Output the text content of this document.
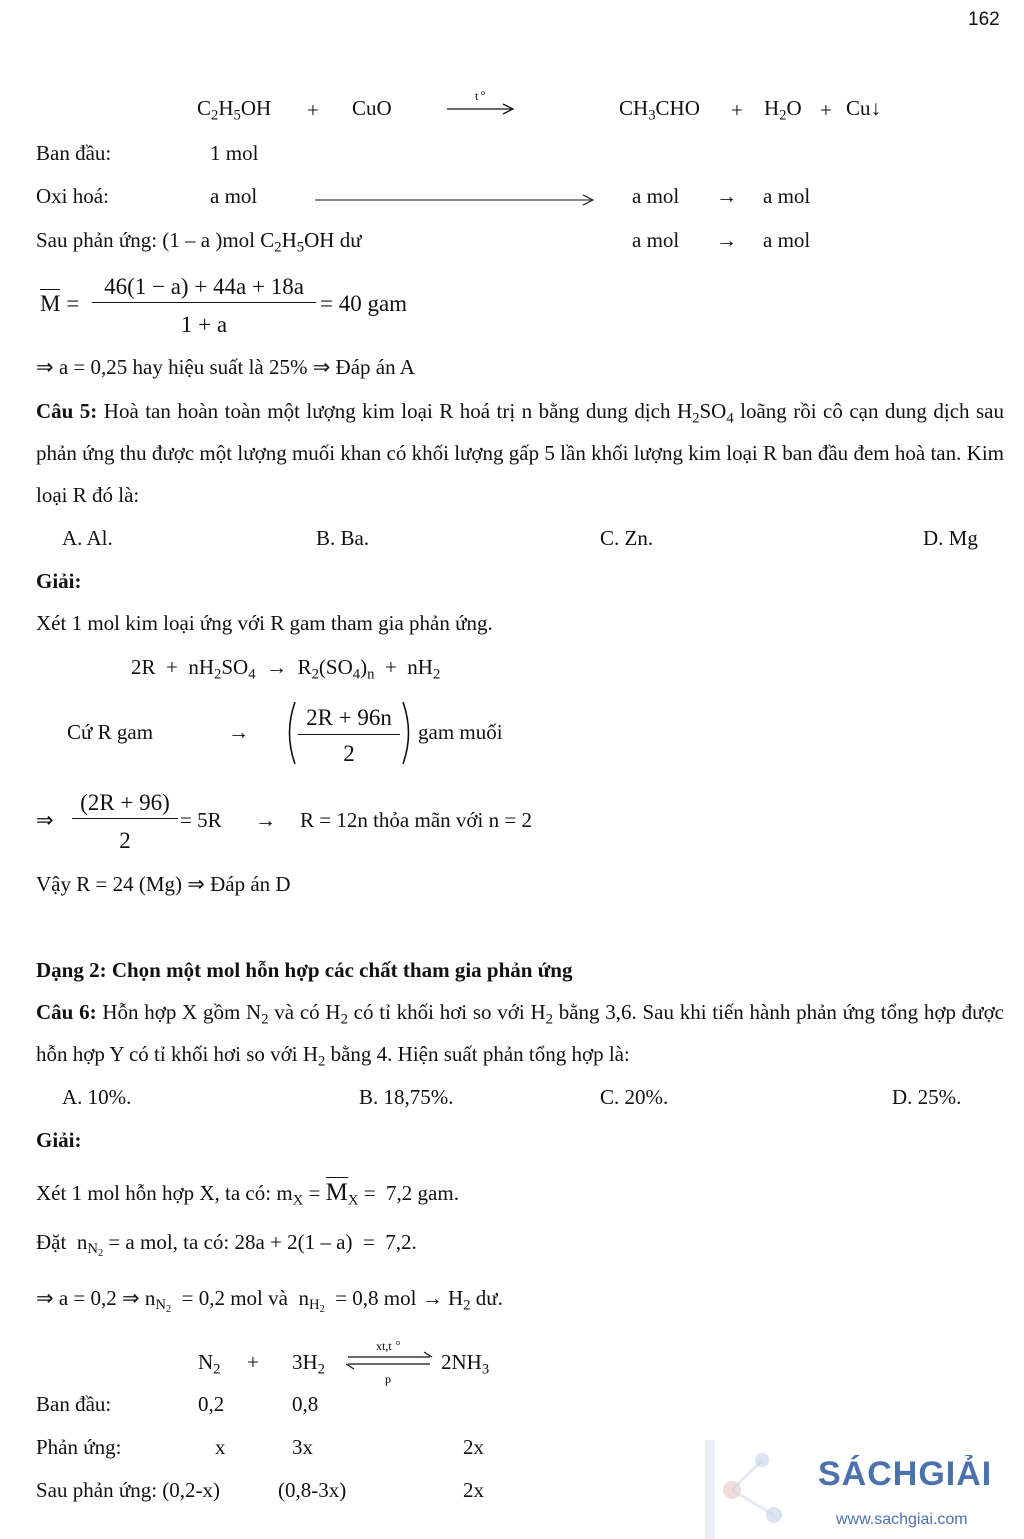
162
$C_2H_5OH$ + CuO	t o
$CH_3CHO + H_2O$ + Cu↓
Ban đầu:	1 mol
Oxi hoá:	a mol	a mol → a mol
Sau phản ứng: (1 – a )mol $C_2H_5OH$ dư	a mol → a mol
M =
46(1 − a) + 44a + 18a
1 + a
= 40 gam
⇒ a = 0,25 hay hiệu suất là 25% ⇒ Đáp án A
Câu 5: Hoà tan hoàn toàn một lượng kim loại R hoá trị n bằng dung dịch $H_2SO_4$ loãng rồi cô cạn dung dịch sau phản ứng thu được một lượng muối khan có khối lượng gấp 5 lần khối lượng kim loại R ban đầu đem hoà tan. Kim loại R đó là:
A. Al.	B. Ba.	C. Zn.	D. Mg
Giải:
Xét 1 mol kim loại ứng với R gam tham gia phản ứng.
$2R + nH_2SO_4 \to R_2(SO_4)_n + nH_2$
Cứ R gam	→
2R + 96n
2
gam muối
⇒
(2R + 96)
2
= 5R → R = 12n thỏa mãn với n = 2
Vậy R = 24 (Mg) ⇒ Đáp án D
Dạng 2: Chọn một mol hỗn hợp các chất tham gia phản ứng
Câu 6: Hỗn hợp X gồm $N_2$ và có $H_2$ có tỉ khối hơi so với $H_2$ bằng 3,6. Sau khi tiến hành phản ứng tổng hợp được hỗn hợp Y có tỉ khối hơi so với $H_2$ bằng 4. Hiện suất phản tổng hợp là:
A. 10%.	B. 18,75%.	C. 20%.	D. 25%.
Giải:
Xét 1 mol hỗn hợp X, ta có: $m_X = M_X = 7,2$ gam.
Đặt  $n_{N_2} = a$ mol, ta có: 28a + 2(1 – a)  =  7,2.
⇒ a = 0,2 ⇒ $n_{N_2} = 0,2$ mol và  $n_{H_2} = 0,8$ mol → $H_2$ dư.
$N_2 + 3H_2$
xt,t o
p
$2NH_3$
Ban đầu:	0,2	0,8
Phản ứng:	x	3x	2x
Sau phản ứng: (0,2-x)	(0,8-3x)	2x	SÁCHGIẢI
www.sachgiai.com
